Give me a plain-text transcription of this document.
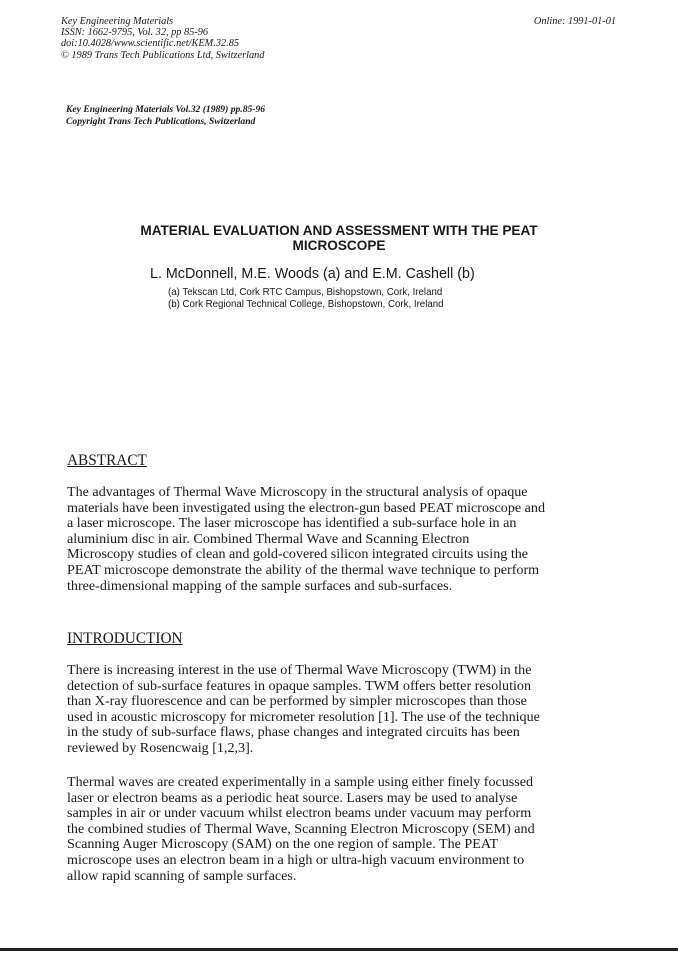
Key Engineering Materials
ISSN: 1662-9795, Vol. 32, pp 85-96
doi:10.4028/www.scientific.net/KEM.32.85
© 1989 Trans Tech Publications Ltd, Switzerland
Online: 1991-01-01
Key Engineering Materials Vol.32 (1989) pp.85-96
Copyright Trans Tech Publications, Switzerland
MATERIAL EVALUATION AND ASSESSMENT WITH THE PEAT
MICROSCOPE
L. McDonnell, M.E. Woods (a) and E.M. Cashell (b)
(a) Tekscan Ltd, Cork RTC Campus, Bishopstown, Cork, Ireland
(b) Cork Regional Technical College, Bishopstown, Cork, Ireland
ABSTRACT
The advantages of Thermal Wave Microscopy in the structural analysis of opaque
materials have been investigated using the electron-gun based PEAT microscope and
a laser microscope. The laser microscope has identified a sub-surface hole in an
aluminium disc in air. Combined Thermal Wave and Scanning Electron
Microscopy studies of clean and gold-covered silicon integrated circuits using the
PEAT microscope demonstrate the ability of the thermal wave technique to perform
three-dimensional mapping of the sample surfaces and sub-surfaces.
INTRODUCTION
There is increasing interest in the use of Thermal Wave Microscopy (TWM) in the
detection of sub-surface features in opaque samples. TWM offers better resolution
than X-ray fluorescence and can be performed by simpler microscopes than those
used in acoustic microscopy for micrometer resolution [1]. The use of the technique
in the study of sub-surface flaws, phase changes and integrated circuits has been
reviewed by Rosencwaig [1,2,3].
Thermal waves are created experimentally in a sample using either finely focussed
laser or electron beams as a periodic heat source. Lasers may be used to analyse
samples in air or under vacuum whilst electron beams under vacuum may perform
the combined studies of Thermal Wave, Scanning Electron Microscopy (SEM) and
Scanning Auger Microscopy (SAM) on the one region of sample. The PEAT
microscope uses an electron beam in a high or ultra-high vacuum environment to
allow rapid scanning of sample surfaces.
